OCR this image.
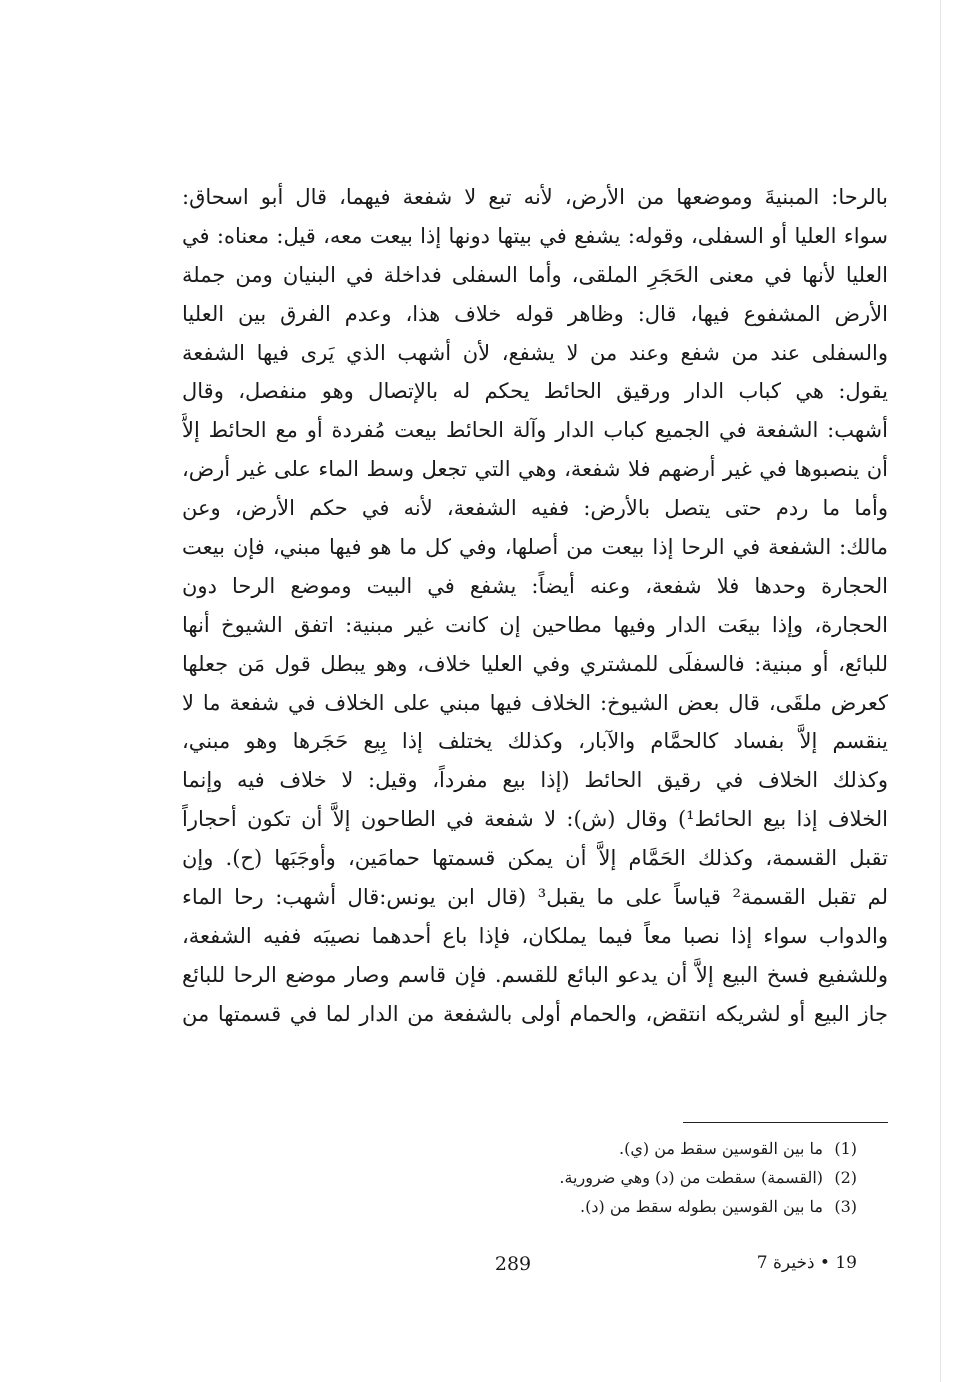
بالرحا: المبنيةَ وموضعها من الأرض، لأنه تبع لا شفعة فيهما، قال أبو اسحاق:
سواء العليا أو السفلى، وقوله: يشفع في بيتها دونها إذا بيعت معه، قيل: معناه: في
العليا لأنها في معنى الحَجَرِ الملقى، وأما السفلى فداخلة في البنيان ومن جملة
الأرض المشفوع فيها، قال: وظاهر قوله خلاف هذا، وعدم الفرق بين العليا
والسفلى عند من شفع وعند من لا يشفع، لأن أشهب الذي يَرى فيها الشفعة
يقول: هي كباب الدار ورقيق الحائط يحكم له بالإتصال وهو منفصل، وقال
أشهب: الشفعة في الجميع كباب الدار وآلة الحائط بيعت مُفردة أو مع الحائط إلاَّ
أن ينصبوها في غير أرضهم فلا شفعة، وهي التي تجعل وسط الماء على غير أرض،
وأما ما ردم حتى يتصل بالأرض: ففيه الشفعة، لأنه في حكم الأرض، وعن
مالك: الشفعة في الرحا إذا بيعت من أصلها، وفي كل ما هو فيها مبني، فإن بيعت
الحجارة وحدها فلا شفعة، وعنه أيضاً: يشفع في البيت وموضع الرحا دون
الحجارة، وإذا بيعَت الدار وفيها مطاحين إن كانت غير مبنية: اتفق الشيوخ أنها
للبائع، أو مبنية: فالسفلَى للمشتري وفي العليا خلاف، وهو يبطل قول مَن جعلها
كعرض ملقَى، قال بعض الشيوخ: الخلاف فيها مبني على الخلاف في شفعة ما لا
ينقسم إلاَّ بفساد كالحمَّام والآبار، وكذلك يختلف إذا بِيع حَجَرها وهو مبني،
وكذلك الخلاف في رقيق الحائط (إذا بيع مفرداً، وقيل: لا خلاف فيه وإنما
الخلاف إذا بيع الحائط¹) وقال (ش): لا شفعة في الطاحون إلاَّ أن تكون أحجاراً
تقبل القسمة، وكذلك الحَمَّام إلاَّ أن يمكن قسمتها حمامَين، وأوجَبَها (ح). وإن
لم تقبل القسمة² قياساً على ما يقبل³ (قال ابن يونس:قال أشهب: رحا الماء
والدواب سواء إذا نصبا معاً فيما يملكان، فإذا باع أحدهما نصيبَه ففيه الشفعة،
وللشفيع فسخ البيع إلاَّ أن يدعو البائع للقسم. فإن قاسم وصار موضع الرحا للبائع
جاز البيع أو لشريكه انتقض، والحمام أولى بالشفعة من الدار لما في قسمتها من
(1)
ما بين القوسين سقط من (ي).
(2)
(القسمة) سقطت من (د) وهي ضرورية.
(3)
ما بين القوسين بطوله سقط من (د).
289	19 • ذخيرة 7
